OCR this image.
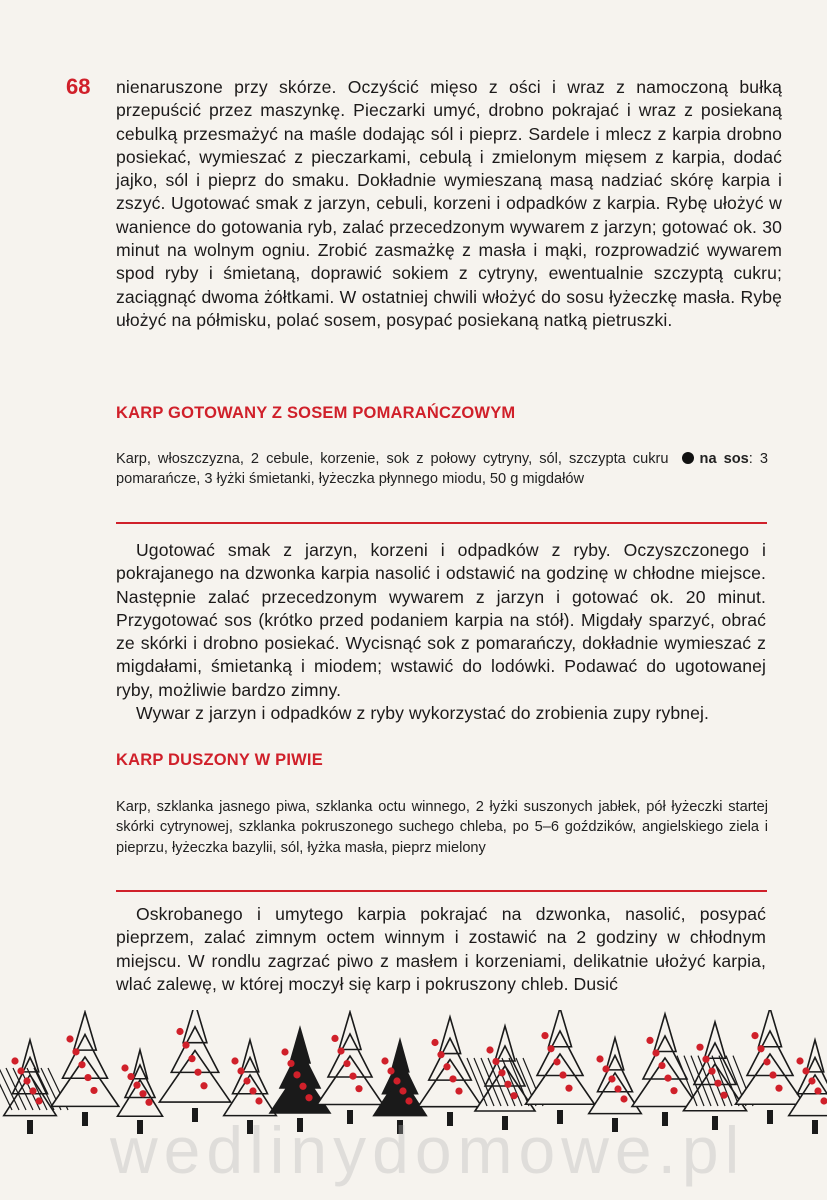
68 nienaruszone przy skórze. Oczyścić mięso z ości i wraz z namoczoną bułką przepuścić przez maszynkę. Pieczarki umyć, drobno pokrajać i wraz z posiekaną cebulką przesmażyć na maśle dodając sól i pieprz. Sardele i mlecz z karpia drobno posiekać, wymieszać z pieczarkami, cebulą i zmielonym mięsem z karpia, dodać jajko, sól i pieprz do smaku. Dokładnie wymieszaną masą nadziać skórę karpia i zszyć. Ugotować smak z jarzyn, cebuli, korzeni i odpadków z karpia. Rybę ułożyć w wanience do gotowania ryb, zalać przecedzonym wywarem z jarzyn; gotować ok. 30 minut na wolnym ogniu. Zrobić zasmażkę z masła i mąki, rozprowadzić wywarem spod ryby i śmietaną, doprawić sokiem z cytryny, ewentualnie szczyptą cukru; zaciągnąć dwoma żółtkami. W ostatniej chwili włożyć do sosu łyżeczkę masła. Rybę ułożyć na półmisku, polać sosem, posypać posiekaną natką pietruszki.

KARP GOTOWANY Z SOSEM POMARAŃCZOWYM
Karp, włoszczyzna, 2 cebule, korzenie, sok z połowy cytryny, sól, szczypta cukru na sos: 3 pomarańcze, 3 łyżki śmietanki, łyżeczka płynnego miodu, 50 g migdałów

Ugotować smak z jarzyn, korzeni i odpadków z ryby. Oczyszczonego i pokrajanego na dzwonka karpia nasolić i odstawić na godzinę w chłodne miejsce. Następnie zalać przecedzonym wywarem z jarzyn i gotować ok. 20 minut. Przygotować sos (krótko przed podaniem karpia na stół). Migdały sparzyć, obrać ze skórki i drobno posiekać. Wycisnąć sok z pomarańczy, dokładnie wymieszać z migdałami, śmietanką i miodem; wstawić do lodówki. Podawać do ugotowanej ryby, możliwie bardzo zimny.

Wywar z jarzyn i odpadków z ryby wykorzystać do zrobienia zupy rybnej.

KARP DUSZONY W PIWIE
Karp, szklanka jasnego piwa, szklanka octu winnego, 2 łyżki suszonych jabłek, pół łyżeczki startej skórki cytrynowej, szklanka pokruszonego suchego chleba, po 5–6 goździków, angielskiego ziela i pieprzu, łyżeczka bazylii, sól, łyżka masła, pieprz mielony

Oskrobanego i umytego karpia pokrajać na dzwonka, nasolić, posypać pieprzem, zalać zimnym octem winnym i zostawić na 2 godziny w chłodnym miejscu. W rondlu zagrzać piwo z masłem i korzeniami, delikatnie ułożyć karpia, wlać zalewę, w której moczył się karp i pokruszony chleb. Dusić

wedlinydomowe.pl
